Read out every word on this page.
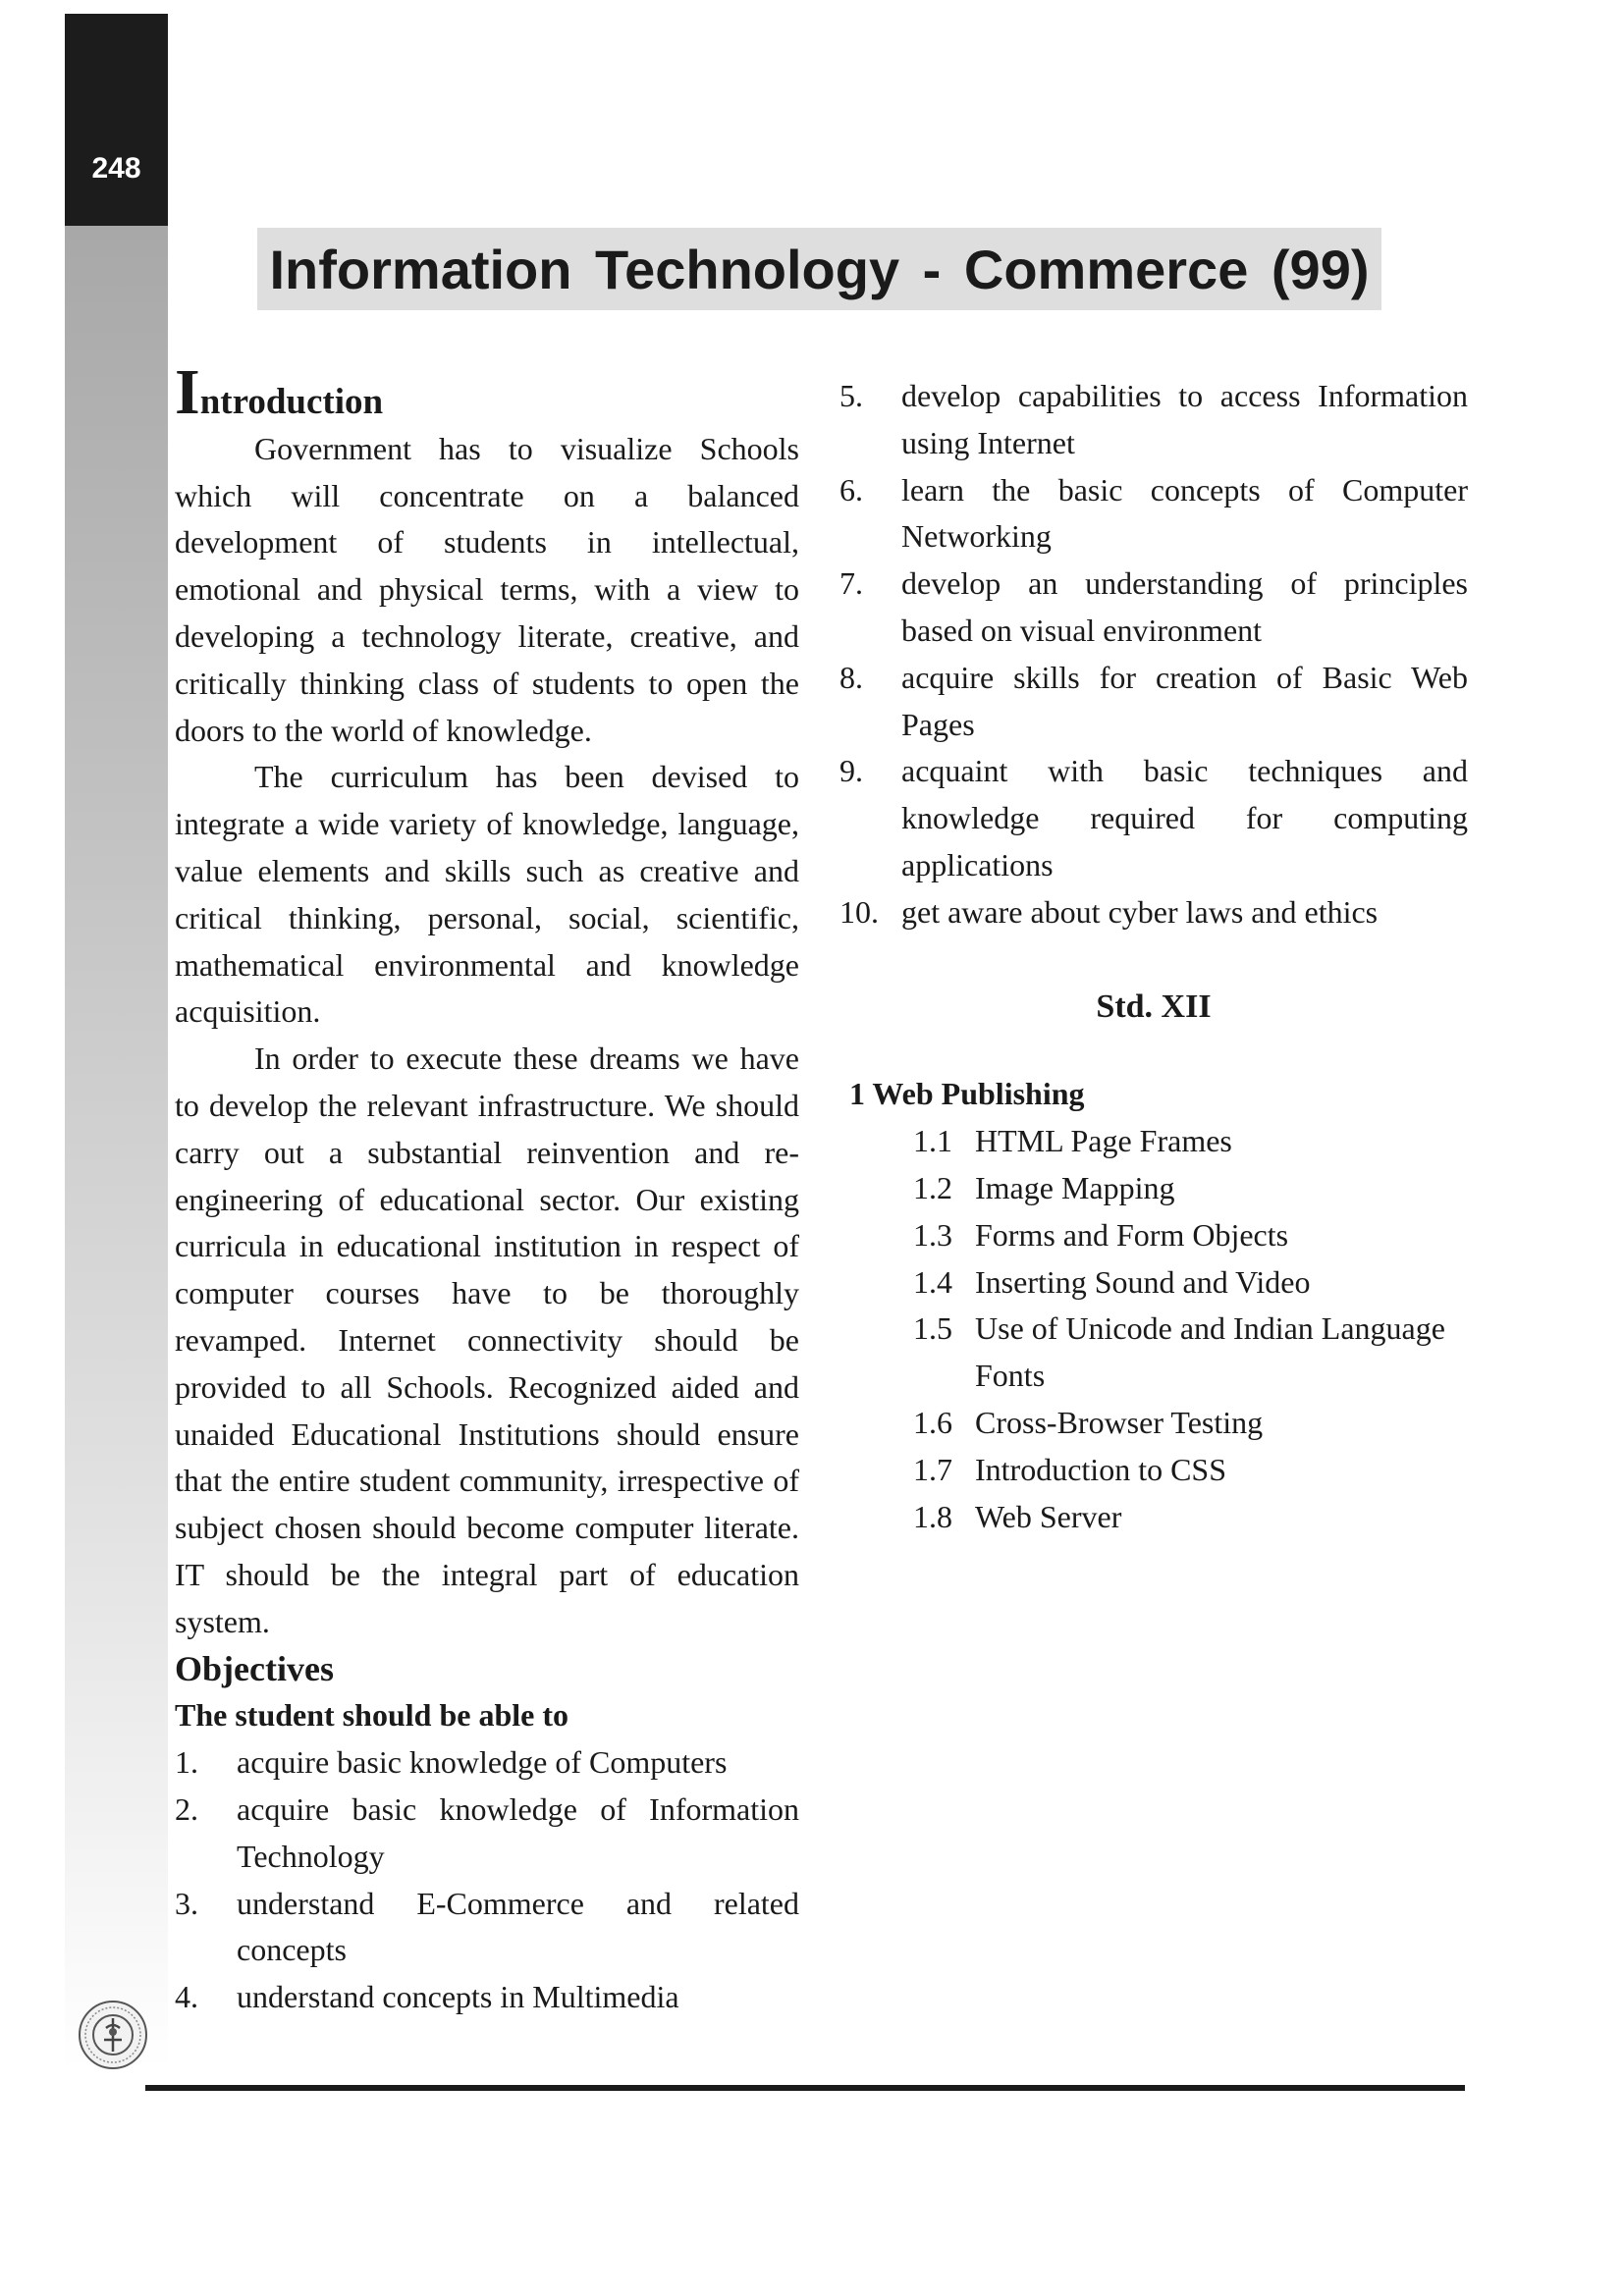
248
Information Technology - Commerce (99)
Introduction

Government has to visualize Schools which will concentrate on a balanced development of students in intellectual, emotional and physical terms, with a view to developing a technology literate, creative, and critically thinking class of students to open the doors to the world of knowledge.

The curriculum has been devised to integrate a wide variety of knowledge, language, value elements and skills such as creative and critical thinking, personal, social, scientific, mathematical environmental and knowledge acquisition.

In order to execute these dreams we have to develop the relevant infrastructure. We should carry out a substantial reinvention and re-engineering of educational sector. Our existing curricula in educational institution in respect of computer courses have to be thoroughly revamped. Internet connectivity should be provided to all Schools. Recognized aided and unaided Educational Institutions should ensure that the entire student community, irrespective of subject chosen should become computer literate. IT should be the integral part of education system.

Objectives
The student should be able to
1.	acquire basic knowledge of Computers
2.	acquire basic knowledge of Information Technology
3.	understand E-Commerce and related concepts
4.	understand concepts in Multimedia
5.	develop capabilities to access Information using Internet
6.	learn the basic concepts of Computer Networking
7.	develop an understanding of principles based on visual environment
8.	acquire skills for creation of Basic Web Pages
9.	acquaint with basic techniques and knowledge required for computing applications
10. get aware about cyber laws and ethics
Std. XII
1 Web Publishing
1.1 HTML Page Frames
1.2 Image Mapping
1.3 Forms and Form Objects
1.4 Inserting Sound and Video
1.5 Use of Unicode and Indian Language Fonts
1.6 Cross-Browser Testing
1.7 Introduction to CSS
1.8 Web Server
